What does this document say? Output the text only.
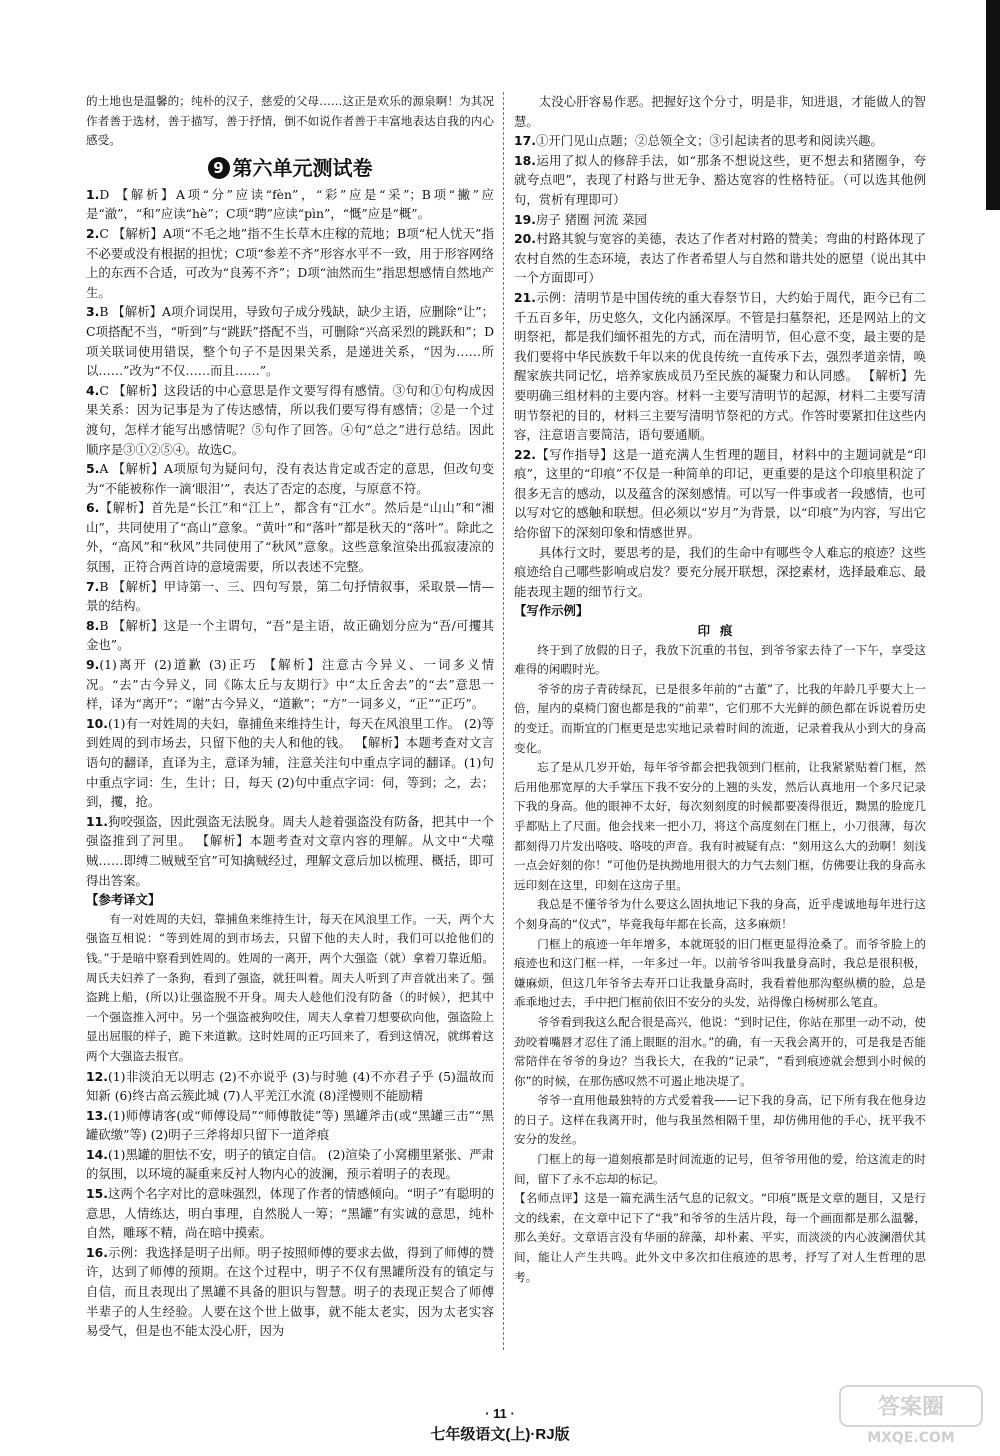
的土地也是温馨的；纯朴的汉子，慈爱的父母……这正是欢乐的源泉啊！为其况作者善于选材，善于描写，善于抒情，倒不如说作者善于丰富地表达自我的内心感受。

9 第六单元测试卷

1.D 【解析】A项“分”应读“fèn”，“彩”应是“采”；B项“撇”应是“澈”，“和”应读“hè”；C项“聘”应读“pìn”，“慨”应是“概”。

2.C 【解析】A项“不毛之地”指不生长草木庄稼的荒地；B项“杞人忧天”指不必要或没有根据的担忧；C项“参差不齐”形容水平不一致，用于形容网络上的东西不合适，可改为“良莠不齐”；D项“油然而生”指思想感情自然地产生。

3.B 【解析】A项介词误用，导致句子成分残缺，缺少主语，应删除“让”；C项搭配不当，“听到”与“跳跃”搭配不当，可删除“兴高采烈的跳跃和”；D项关联词使用错误，整个句子不是因果关系，是递进关系，“因为……所以……”改为“不仅……而且……”。

4.C 【解析】这段话的中心意思是作文要写得有感情。③句和①句构成因果关系：因为记事是为了传达感情，所以我们要写得有感情；②是一个过渡句，怎样才能写出感情呢？⑤句作了回答。④句“总之”进行总结。因此顺序是③①②⑤④。故选C。

5.A 【解析】A项原句为疑问句，没有表达肯定或否定的意思，但改句变为“不能被称作一滴‘眼泪’”，表达了否定的态度，与原意不符。

6.【解析】首先是“长江”和“江上”，都含有“江水”。然后是“山山”和“湘山”，共同使用了“高山”意象。“黄叶”和“落叶”都是秋天的“落叶”。除此之外，“高风”和“秋风”共同使用了“秋风”意象。这些意象渲染出孤寂凄凉的氛围，正符合两首诗的意境需要，所以表述不完整。

7.B 【解析】甲诗第一、三、四句写景，第二句抒情叙事，采取景—情—景的结构。

8.B 【解析】这是一个主谓句，“吾”是主语，故正确划分应为“吾/可攫其金也”。

9.(1)离开 (2)道歉 (3)正巧 【解析】注意古今异义、一词多义情况。“去”古今异义，同《陈太丘与友期行》中“太丘舍去”的“去”意思一样，译为“离开”；“谢”古今异义，“道歉”；“方”一词多义，“正”“正巧”。

10.(1)有一对姓周的夫妇，靠捕鱼来维持生计，每天在风浪里工作。 (2)等到姓周的到市场去，只留下他的夫人和他的钱。 【解析】本题考查对文言语句的翻译，直译为主，意译为辅，注意关注句中重点字词的翻译。(1)句中重点字词：生，生计；日，每天 (2)句中重点字词：伺，等到；之，去；到，攫，抢。

11.狗咬强盗，因此强盗无法脱身。周夫人趁着强盗没有防备，把其中一个强盗推到了河里。 【解析】本题考查对文章内容的理解。从文中“犬噬贼……即缚二贼贼至官”可知擒贼经过，理解文意后加以梳理、概括，即可得出答案。

【参考译文】

有一对姓周的夫妇，靠捕鱼来维持生计，每天在风浪里工作。一天，两个大强盗互相说：“等到姓周的到市场去，只留下他的夫人时，我们可以抢他们的钱。”于是暗中察看到姓周的。姓周的一离开，两个大强盗（就）拿着刀靠近船。周氏夫妇养了一条狗，看到了强盗，就狂叫着。周夫人听到了声音就出来了。强盗跳上船，(所以)让强盗脱不开身。周夫人趁他们没有防备（的时候），把其中一个强盗推入河中。另一个强盗被狗咬住，周夫人拿着刀想要砍向他，强盗险上显出屈服的样子，跪下来道歉。这时姓周的正巧回来了，看到这情况，就绑着这两个大强盗去报官。

12.(1)非淡泊无以明志 (2)不亦说乎 (3)与时驰 (4)不亦君子乎 (5)温故而知新 (6)终古高云簇此城 (7)人平羌江水流 (8)淫慢则不能励精

13.(1)师傅请客(或“师傅设局”“师傅散徒”等) 黑罐斧击(或“黑罐三击”“黑罐砍缴”等) (2)明子三斧将却只留下一道斧痕

14.(1)黑罐的胆怯不安，明子的镇定自信。 (2)渲染了小窝棚里紧张、严肃的氛围，以环境的凝重来反衬人物内心的波澜，预示着明子的表现。

15.这两个名字对比的意味强烈，体现了作者的情感倾向。“明子”有聪明的意思，人情练达，明白事理，自然脱人一筹；“黑罐”有实诚的意思，纯朴自然，雕琢不精，尚在暗中摸索。

16.示例：我选择是明子出师。明子按照师傅的要求去做，得到了师傅的赞许，达到了师傅的预期。在这个过程中，明子不仅有黑罐所没有的镇定与自信，而且表现出了黑罐不具备的胆识与智慧。明子的表现正契合了师傅半辈子的人生经验。人要在这个世上做事，就不能太老实，因为太老实容易受气，但是也不能太没心肝，因为

太没心肝容易作恶。把握好这个分寸，明是非，知进退，才能做人的智慧。

17.①开门见山点题；②总领全文；③引起读者的思考和阅读兴趣。

18.运用了拟人的修辞手法，如“那条不想说这些，更不想去和猪圈争，夸就夸点吧”，表现了村路与世无争、豁达宽容的性格特征。（可以选其他例句，赏析有理即可）

19.房子 猪圈 河流 菜园

20.村路其貌与宽容的美德，表达了作者对村路的赞美；弯曲的村路体现了农村自然的生态环境，表达了作者希望人与自然和谐共处的愿望（说出其中一个方面即可）

21.示例：清明节是中国传统的重大春祭节日，大约始于周代，距今已有二千五百多年，历史悠久，文化内涵深厚。不管是扫墓祭祀，还是网站上的文明祭祀，都是我们缅怀祖先的方式，而在清明节，但心意不变，最主要的是我们要将中华民族数千年以来的优良传统一直传承下去，强烈孝道亲情，唤醒家族共同记忆，培养家族成员乃至民族的凝聚力和认同感。 【解析】先要明确三组材料的主要内容。材料一主要写清明节的起源，材料二主要写清明节祭祀的目的，材料三主要写清明节祭祀的方式。作答时要紧扣住这些内容，注意语言要简洁，语句要通顺。

22.【写作指导】这是一道充满人生哲理的题目，材料中的主题词就是“印痕”，这里的“印痕”不仅是一种简单的印记，更重要的是这个印痕里积淀了很多无言的感动，以及蕴含的深刻感情。可以写一件事或者一段感情，也可以写对它的感触和联想。但必须以“岁月”为背景，以“印痕”为内容，写出它给你留下的深刻印象和情感世界。

具体行文时，要思考的是，我们的生命中有哪些令人难忘的痕迹？这些痕迹给自己哪些影响或启发？要充分展开联想，深挖素材，选择最难忘、最能表现主题的细节行文。

【写作示例】

印痕

终于到了放假的日子，我放下沉重的书包，到爷爷家去待了一下午，享受这难得的闲暇时光。

爷爷的房子青砖绿瓦，已是很多年前的“古董”了，比我的年龄几乎要大上一倍，屋内的桌椅门窗也都是我的“前辈”，它们那不大光鲜的颜色都在诉说着历史的变迁。而斯宜的门框更是忠实地记录着时间的流逝，记录着我从小到大的身高变化。

忘了是从几岁开始，每年爷爷都会把我领到门框前，让我紧紧贴着门框，然后用他那宽厚的大手掌压下我不安分的上翘的头发，然后认真地用一个多尺记录下我的身高。他的眼神不太好，每次刻刻度的时候都要凑得很近，黝黑的脸庞几乎都贴上了尺面。他会找来一把小刀，将这个高度刻在门框上，小刀很薄，每次都刻得刀片发出咯吱、咯吱的声音。我有时被疑有点：“刻用这么大的劲啊！刻浅一点会好刻的你！”可他仍是执拗地用很大的力气去刻门框，仿佛要让我的身高永远印刻在这里，印刻在这房子里。

我总是不懂爷爷为什么要这么固执地记下我的身高，近乎虔诚地每年进行这个刻身高的“仪式”，毕竟我每年都在长高，这多麻烦！

门框上的痕迹一年年增多，本就斑驳的旧门框更显得沧桑了。而爷爷脸上的痕迹也和这门框一样，一年多过一年。以前爷爷叫我量身高时，我总是很积极，嫌麻烦，但这几年爷爷去寿开口让我量身高时，我看着他那沟壑纵横的脸，总是乖乖地过去，手中把门框前依旧不安分的头发，站得像白杨树那么笔直。

爷爷看到我这么配合很是高兴，他说：“到时记住，你站在那里一动不动，使劲咬着嘴唇才忍住了涌上眼眶的泪水。”的确，有一天我会离开的，可是我是否能常陪伴在爷爷的身边？当我长大，在我的“记录”，“看到痕迹就会想到小时候的你”的时候，在那伤感叹然不可遏止地决堤了。

爷爷一直用他最独特的方式爱着我——记下我的身高，记下所有我在他身边的日子。这样在我离开时，他与我虽然相隔千里，却仿佛用他的手心，抚平我不安分的发丝。

门框上的每一道刻痕都是时间流逝的记号，但爷爷用他的爱，给这流走的时间，留下了永不忘却的标记。

【名师点评】这是一篇充满生活气息的记叙文。“印痕”既是文章的题目，又是行文的线索，在文章中记下了“我”和爷爷的生活片段，每一个画面都是那么温馨，那么美好。文章语言没有华丽的辞藻，却朴素、平实，而淡淡的内心波澜潜伏其间，能让人产生共鸣。此外文中多次扣住痕迹的思考，抒写了对人生哲理的思考。

· 11 ·
七年级语文(上)·RJ版
答案圈
MXQE.COM
